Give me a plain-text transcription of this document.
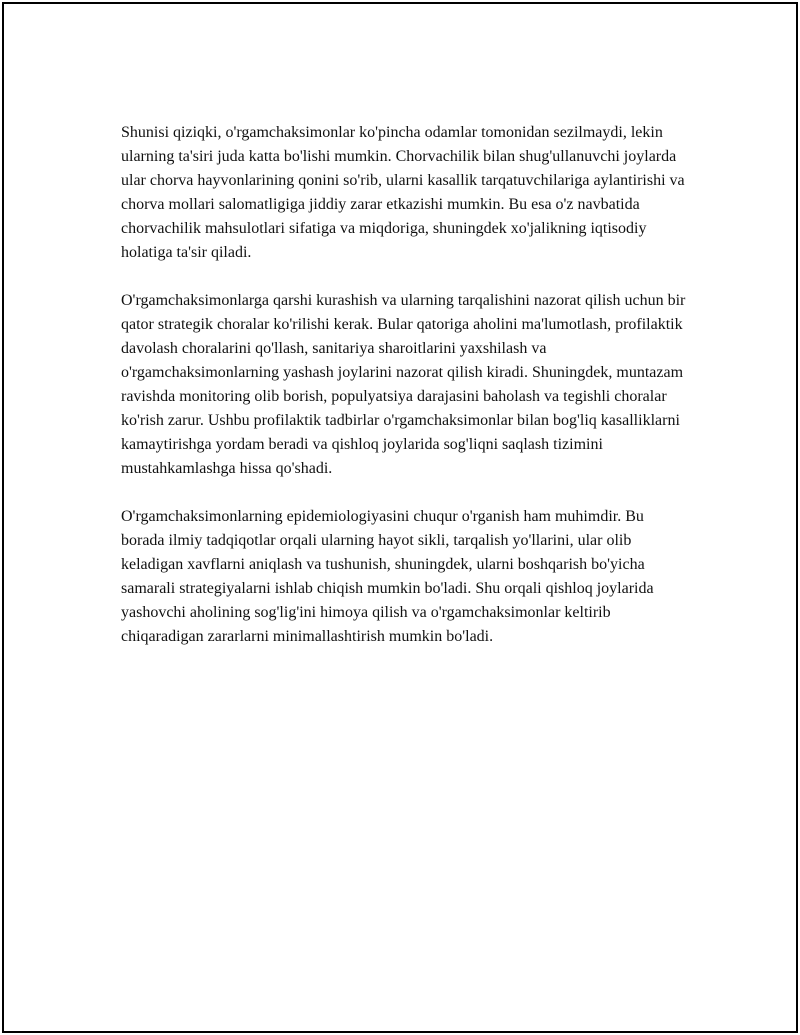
Shunisi qiziqki, o'rgamchaksimonlar ko'pincha odamlar tomonidan sezilmaydi, lekin ularning ta'siri juda katta bo'lishi mumkin. Chorvachilik bilan shug'ullanuvchi joylarda ular chorva hayvonlarining qonini so'rib, ularni kasallik tarqatuvchilariga aylantirishi va chorva mollari salomatligiga jiddiy zarar etkazishi mumkin. Bu esa o'z navbatida chorvachilik mahsulotlari sifatiga va miqdoriga, shuningdek xo'jalikning iqtisodiy holatiga ta'sir qiladi.

O'rgamchaksimonlarga qarshi kurashish va ularning tarqalishini nazorat qilish uchun bir qator strategik choralar ko'rilishi kerak. Bular qatoriga aholini ma'lumotlash, profilaktik davolash choralarini qo'llash, sanitariya sharoitlarini yaxshilash va o'rgamchaksimonlarning yashash joylarini nazorat qilish kiradi. Shuningdek, muntazam ravishda monitoring olib borish, populyatsiya darajasini baholash va tegishli choralar ko'rish zarur. Ushbu profilaktik tadbirlar o'rgamchaksimonlar bilan bog'liq kasalliklarni kamaytirishga yordam beradi va qishloq joylarida sog'liqni saqlash tizimini mustahkamlashga hissa qo'shadi.

O'rgamchaksimonlarning epidemiologiyasini chuqur o'rganish ham muhimdir. Bu borada ilmiy tadqiqotlar orqali ularning hayot sikli, tarqalish yo'llarini, ular olib keladigan xavflarni aniqlash va tushunish, shuningdek, ularni boshqarish bo'yicha samarali strategiyalarni ishlab chiqish mumkin bo'ladi. Shu orqali qishloq joylarida yashovchi aholining sog'lig'ini himoya qilish va o'rgamchaksimonlar keltirib chiqaradigan zararlarni minimallashtirish mumkin bo'ladi.
